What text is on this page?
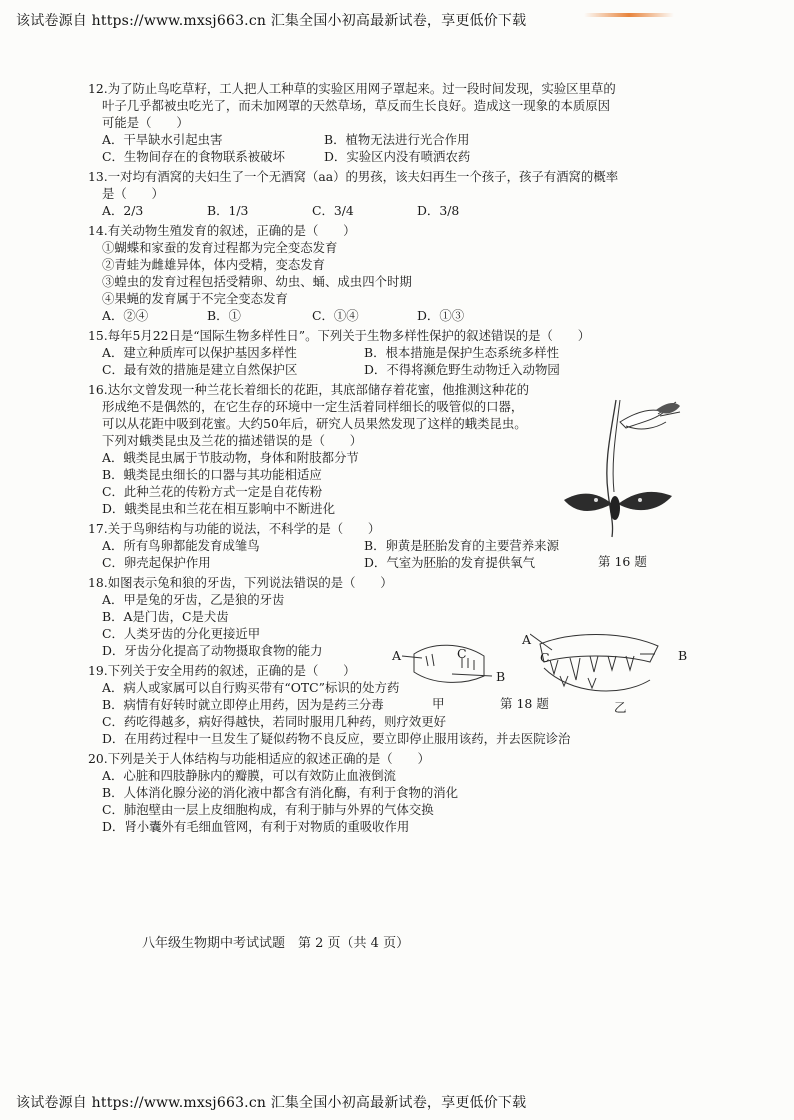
该试卷源自 https://www.mxsj663.cn 汇集全国小初高最新试卷，享更低价下载
12.为了防止鸟吃草籽，工人把人工种草的实验区用网子罩起来。过一段时间发现，实验区里草的
叶子几乎都被虫吃光了，而未加网罩的天然草场，草反而生长良好。造成这一现象的本质原因
可能是（　　）
A．干旱缺水引起虫害	B．植物无法进行光合作用
C．生物间存在的食物联系被破坏	D．实验区内没有喷洒农药
13.一对均有酒窝的夫妇生了一个无酒窝（aa）的男孩，该夫妇再生一个孩子，孩子有酒窝的概率
是（　　）
A．2/3	B．1/3	C．3/4	D．3/8
14.有关动物生殖发育的叙述，正确的是（　　）
①蝴蝶和家蚕的发育过程都为完全变态发育
②青蛙为雌雄异体，体内受精，变态发育
③蝗虫的发育过程包括受精卵、幼虫、蛹、成虫四个时期
④果蝇的发育属于不完全变态发育
A．②④	B．①	C．①④	D．①③
15.每年5月22日是“国际生物多样性日”。下列关于生物多样性保护的叙述错误的是（　　）
A．建立种质库可以保护基因多样性	B．根本措施是保护生态系统多样性
C．最有效的措施是建立自然保护区	D．不得将濒危野生动物迁入动物园
16.达尔文曾发现一种兰花长着细长的花距，其底部储存着花蜜，他推测这种花的
形成绝不是偶然的，在它生存的环境中一定生活着同样细长的吸管似的口器，
可以从花距中吸到花蜜。大约50年后，研究人员果然发现了这样的蛾类昆虫。
下列对蛾类昆虫及兰花的描述错误的是（　　）
A．蛾类昆虫属于节肢动物，身体和附肢都分节
B．蛾类昆虫细长的口器与其功能相适应
C．此种兰花的传粉方式一定是自花传粉
D．蛾类昆虫和兰花在相互影响中不断进化
17.关于鸟卵结构与功能的说法，不科学的是（　　）
A．所有鸟卵都能发育成雏鸟	B．卵黄是胚胎发育的主要营养来源
C．卵壳起保护作用	D．气室为胚胎的发育提供氧气
18.如图表示兔和狼的牙齿，下列说法错误的是（　　）
A．甲是兔的牙齿，乙是狼的牙齿
B．A是门齿，C是犬齿
C．人类牙齿的分化更接近甲
D．牙齿分化提高了动物摄取食物的能力
19.下列关于安全用药的叙述，正确的是（　　）
A．病人或家属可以自行购买带有“OTC”标识的处方药
B．病情有好转时就立即停止用药，因为是药三分毒
C．药吃得越多，病好得越快，若同时服用几种药，则疗效更好
D．在用药过程中一旦发生了疑似药物不良反应，要立即停止服用该药，并去医院诊治
20.下列是关于人体结构与功能相适应的叙述正确的是（　　）
A．心脏和四肢静脉内的瓣膜，可以有效防止血液倒流
B．人体消化腺分泌的消化液中都含有消化酶，有利于食物的消化
C．肺泡壁由一层上皮细胞构成，有利于肺与外界的气体交换
D．肾小囊外有毛细血管网，有利于对物质的重吸收作用
第 16 题
A	C
B
甲	第 18 题
A
C	B
乙
八年级生物期中考试试题　第 2 页（共 4 页）
该试卷源自 https://www.mxsj663.cn 汇集全国小初高最新试卷，享更低价下载
